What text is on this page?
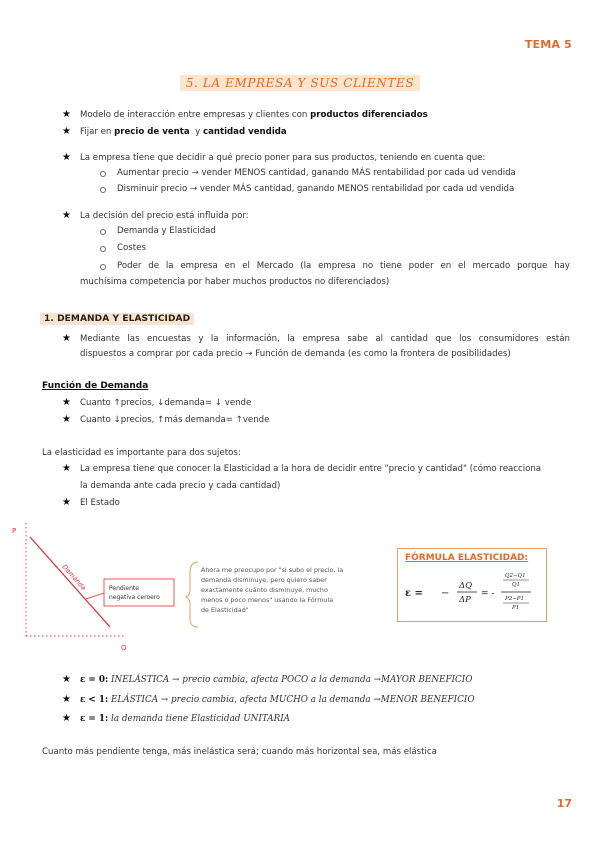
TEMA 5
5. LA EMPRESA Y SUS CLIENTES
★ Modelo de interacción entre empresas y clientes con productos diferenciados
★ Fijar en precio de venta  y cantidad vendida
★ La empresa tiene que decidir a qué precio poner para sus productos, teniendo en cuenta que:
Aumentar precio → vender MENOS cantidad, ganando MÁS rentabilidad por cada ud vendida
Disminuir precio → vender MÁS cantidad, ganando MENOS rentabilidad por cada ud vendida
★ La decisión del precio está influida por:
Demanda y Elasticidad
Costes
Poder de la empresa en el Mercado (la empresa no tiene poder en el mercado porque hay
muchísima competencia por haber muchos productos no diferenciados)
1. DEMANDA Y ELASTICIDAD
★ Mediante las encuestas y la información, la empresa sabe al cantidad que los consumidores están
dispuestos a comprar por cada precio → Función de demanda (es como la frontera de posibilidades)
Función de Demanda
★ Cuanto ↑precios, ↓demanda= ↓ vende
★ Cuanto ↓precios, ↑más demanda= ↑vende
La elasticidad es importante para dos sujetos:
★ La empresa tiene que conocer la Elasticidad a la hora de decidir entre "precio y cantidad" (cómo reacciona
la demanda ante cada precio y cada cantidad)
★ El Estado
P
Q
Demanda	Pendiente
negativa ceroero
Ahora me preocupo por "si subo el precio, la
demanda disminuye, pero quiero saber
exactamente cuánto disminuye, mucho
menos o poco menos" usando la Fórmula
de Elasticidad"
FÓRMULA ELASTICIDAD:
ε = −
ΔQ
ΔP
= -
Q2−Q1
Q1
P2−P1
P1
★ ε = 0: INELÁSTICA → precio cambia, afecta POCO a la demanda →MAYOR BENEFICIO
★ ε < 1: ELÁSTICA → precio cambia, afecta MUCHO a la demanda →MENOR BENEFICIO
★ ε = 1: la demanda tiene Elasticidad UNITARIA
Cuanto más pendiente tenga, más inelástica será; cuando más horizontal sea, más elástica
17
